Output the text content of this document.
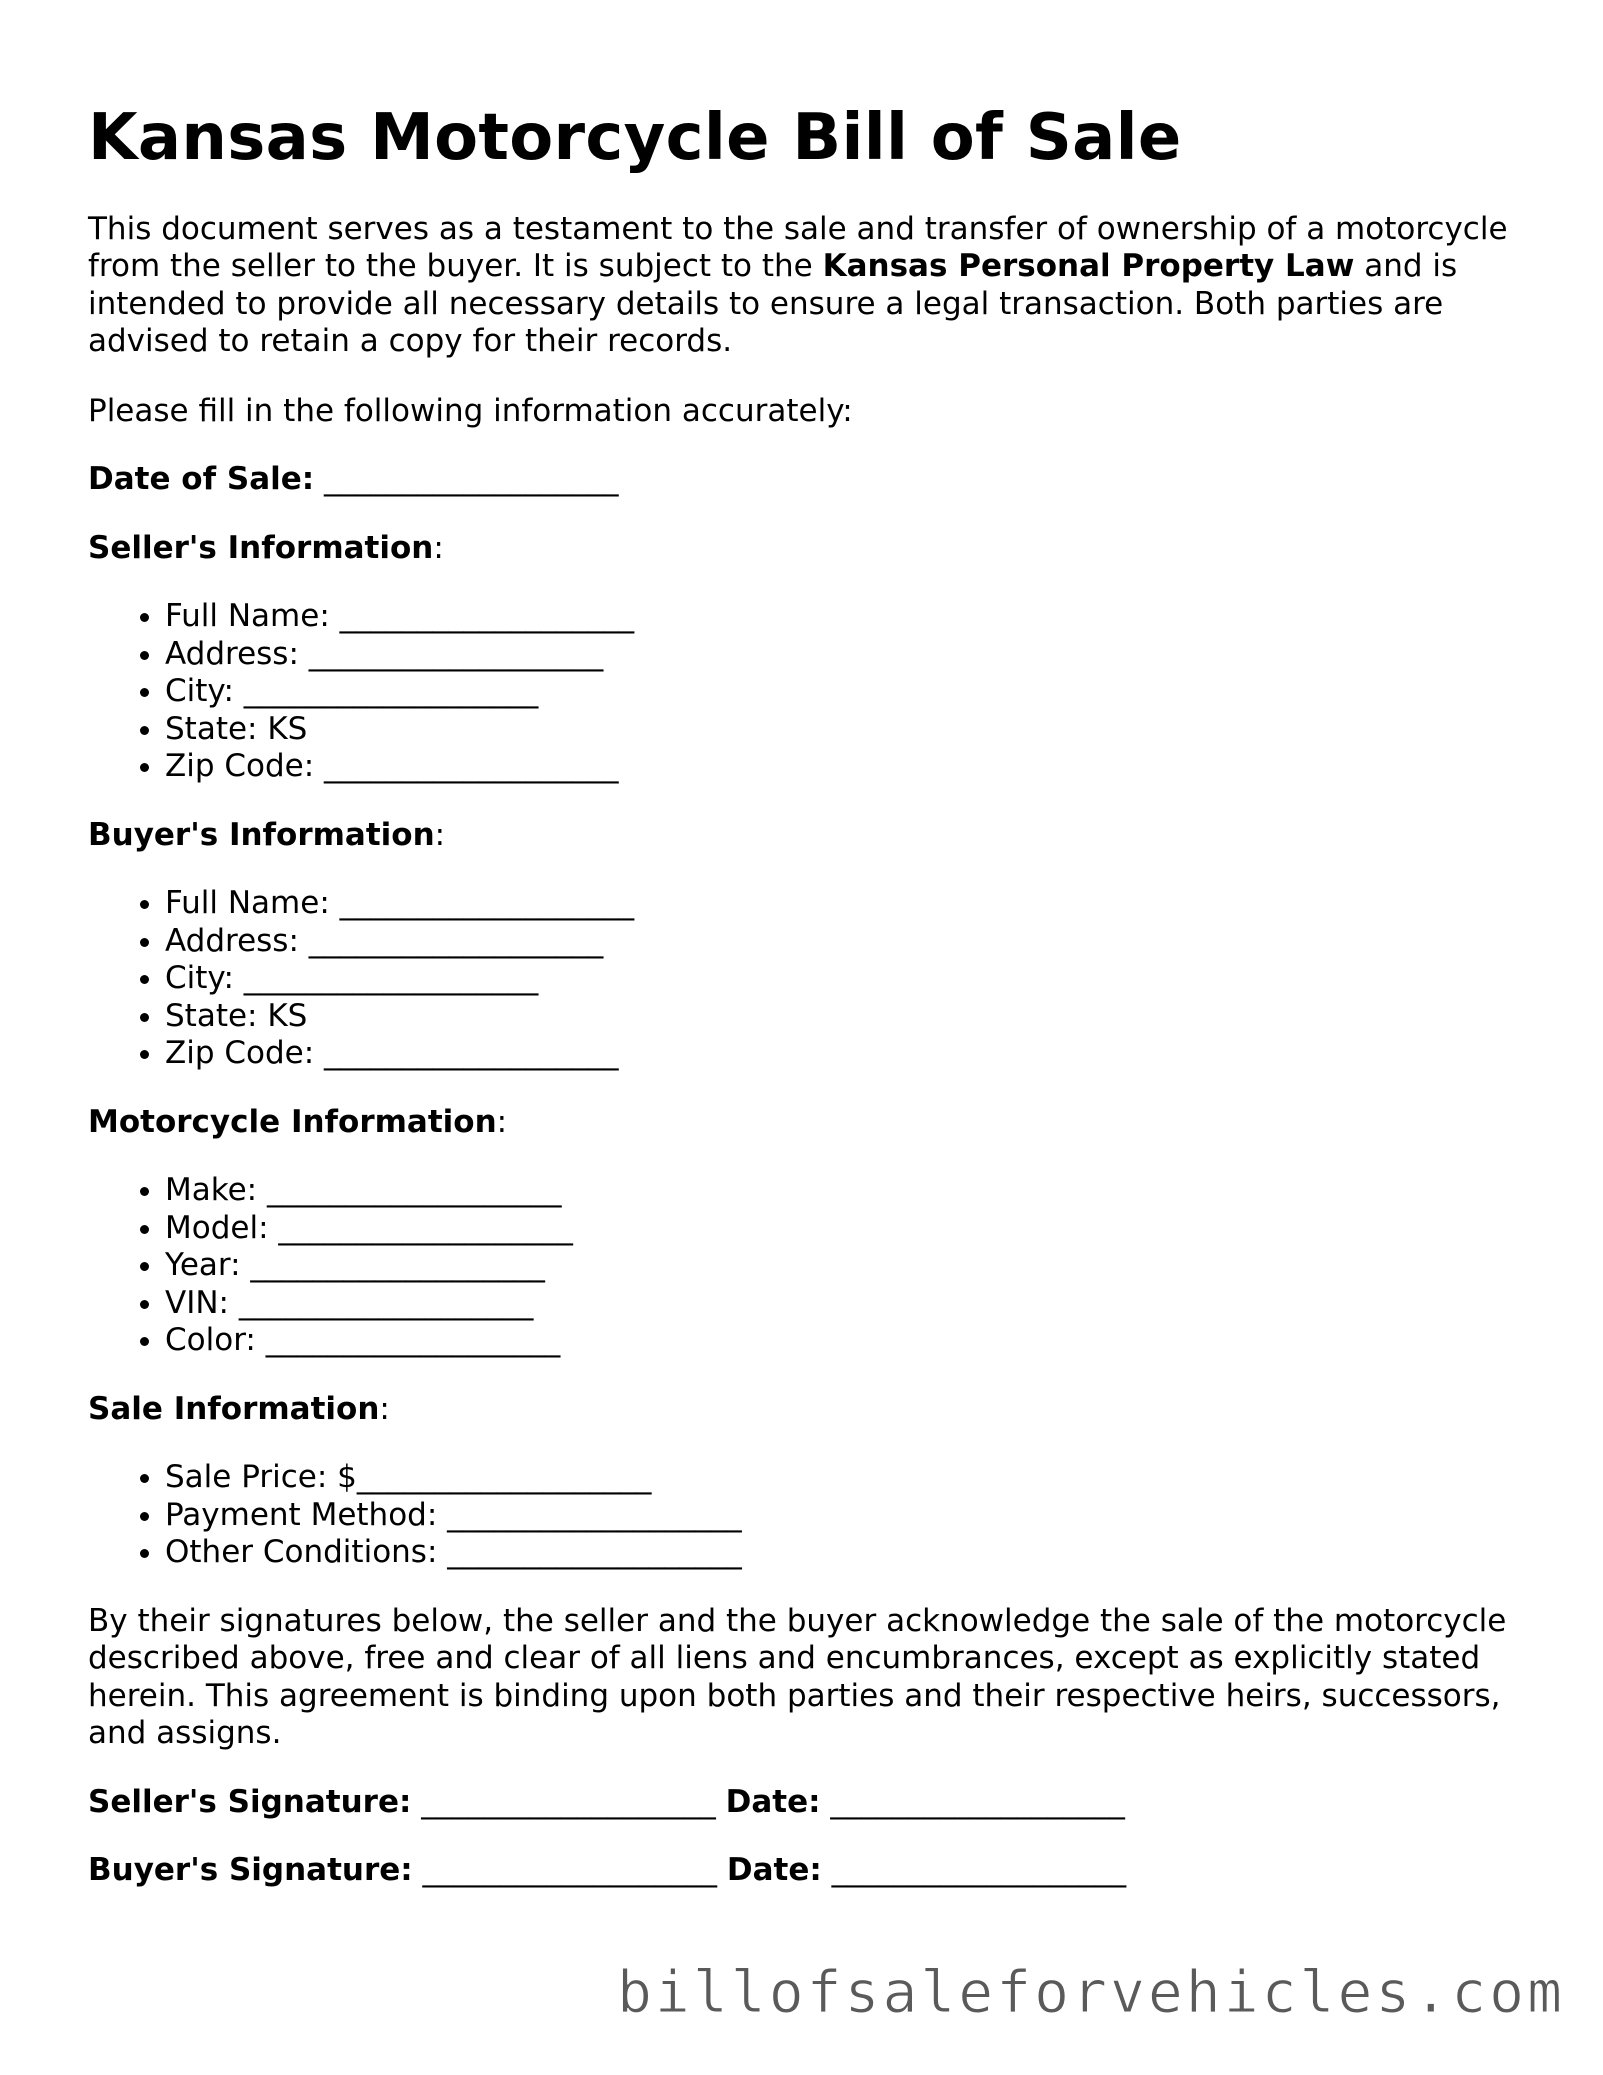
Kansas Motorcycle Bill of Sale

This document serves as a testament to the sale and transfer of ownership of a motorcycle from the seller to the buyer. It is subject to the Kansas Personal Property Law and is intended to provide all necessary details to ensure a legal transaction. Both parties are advised to retain a copy for their records.

Please fill in the following information accurately:

Date of Sale: ___________________
Seller's Information:
• Full Name: ___________________
• Address: ___________________
• City: ___________________
• State: KS
• Zip Code: ___________________
Buyer's Information:
• Full Name: ___________________
• Address: ___________________
• City: ___________________
• State: KS
• Zip Code: ___________________
Motorcycle Information:
• Make: ___________________
• Model: ___________________
• Year: ___________________
• VIN: ___________________
• Color: ___________________
Sale Information:
• Sale Price: $___________________
• Payment Method: ___________________
• Other Conditions: ___________________

By their signatures below, the seller and the buyer acknowledge the sale of the motorcycle described above, free and clear of all liens and encumbrances, except as explicitly stated herein. This agreement is binding upon both parties and their respective heirs, successors, and assigns.

Seller's Signature: ___________________ Date: ___________________
Buyer's Signature: ___________________ Date: ___________________
billofsaleforvehicles.com
